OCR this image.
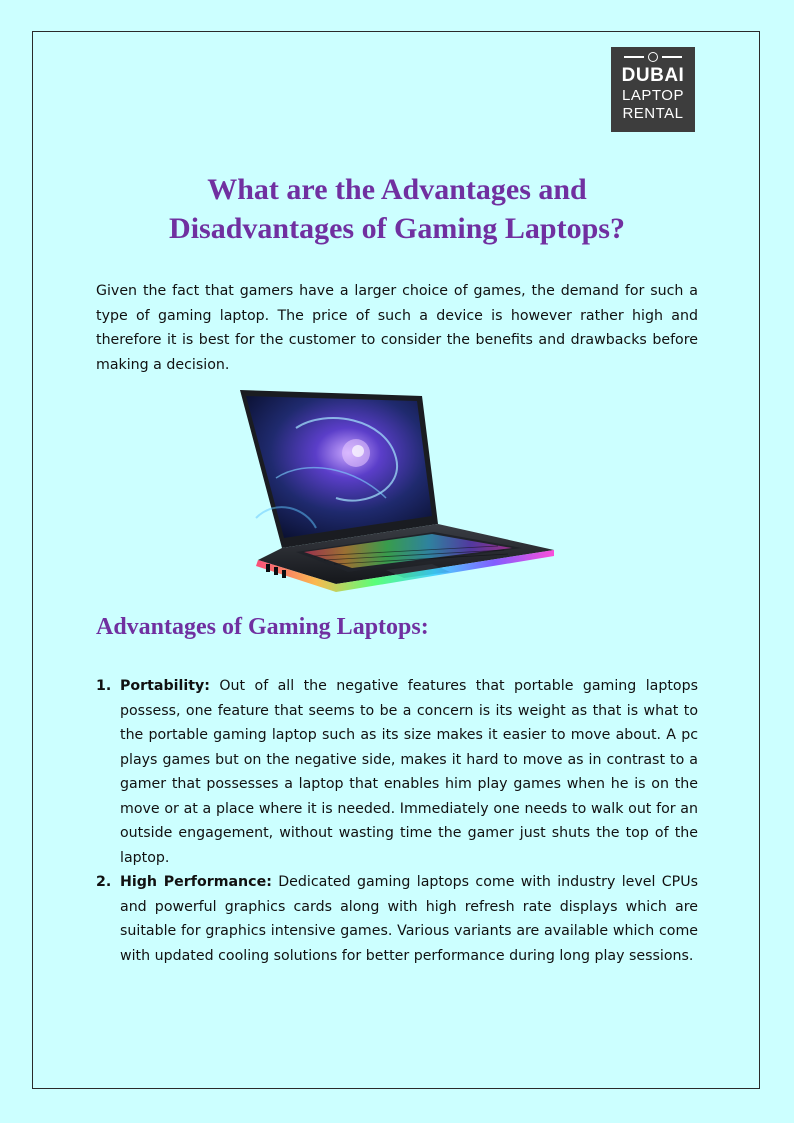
DUBAI
LAPTOP
RENTAL
What are the Advantages and
Disadvantages of Gaming Laptops?

Given the fact that gamers have a larger choice of games, the demand for such a type of gaming laptop. The price of such a device is however rather high and therefore it is best for the customer to consider the benefits and drawbacks before making a decision.

Advantages of Gaming Laptops:
1. Portability: Out of all the negative features that portable gaming laptops possess, one feature that seems to be a concern is its weight as that is what to the portable gaming laptop such as its size makes it easier to move about. A pc plays games but on the negative side, makes it hard to move as in contrast to a gamer that possesses a laptop that enables him play games when he is on the move or at a place where it is needed. Immediately one needs to walk out for an outside engagement, without wasting time the gamer just shuts the top of the laptop.
2. High Performance: Dedicated gaming laptops come with industry level CPUs and powerful graphics cards along with high refresh rate displays which are suitable for graphics intensive games. Various variants are available which come with updated cooling solutions for better performance during long play sessions.
